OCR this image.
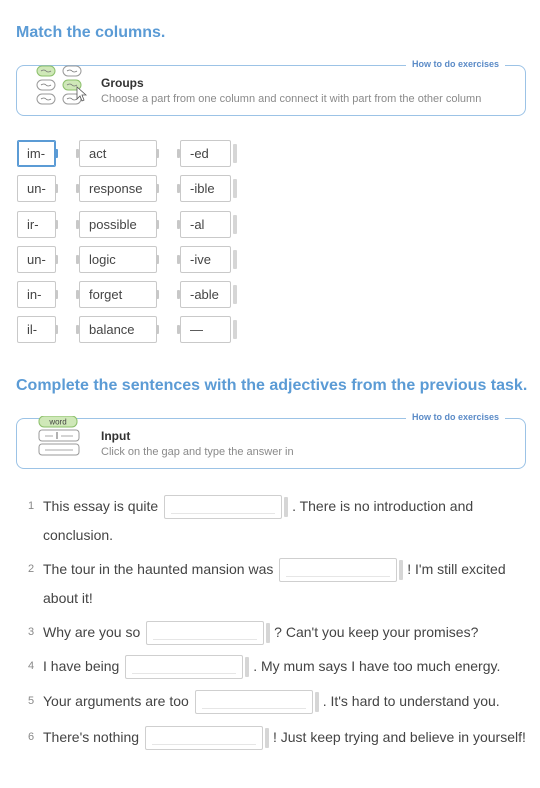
Match the columns.
How to do exercises
Groups
Choose a part from one column and connect it with part from the other column
im-
un-
ir-
un-
in-
il-
act
response
possible
logic
forget
balance
-ed
-ible
-al
-ive
-able
—
Complete the sentences with the adjectives from the previous task.
How to do exercises
word
Input
Click on the gap and type the answer in
1 This essay is quite	. There is no introduction and conclusion.
2 The tour in the haunted mansion was	! I'm still excited about it!
3 Why are you so	? Can't you keep your promises?
4 I have being	. My mum says I have too much energy.
5 Your arguments are too	. It's hard to understand you.
6 There's nothing	! Just keep trying and believe in yourself!
